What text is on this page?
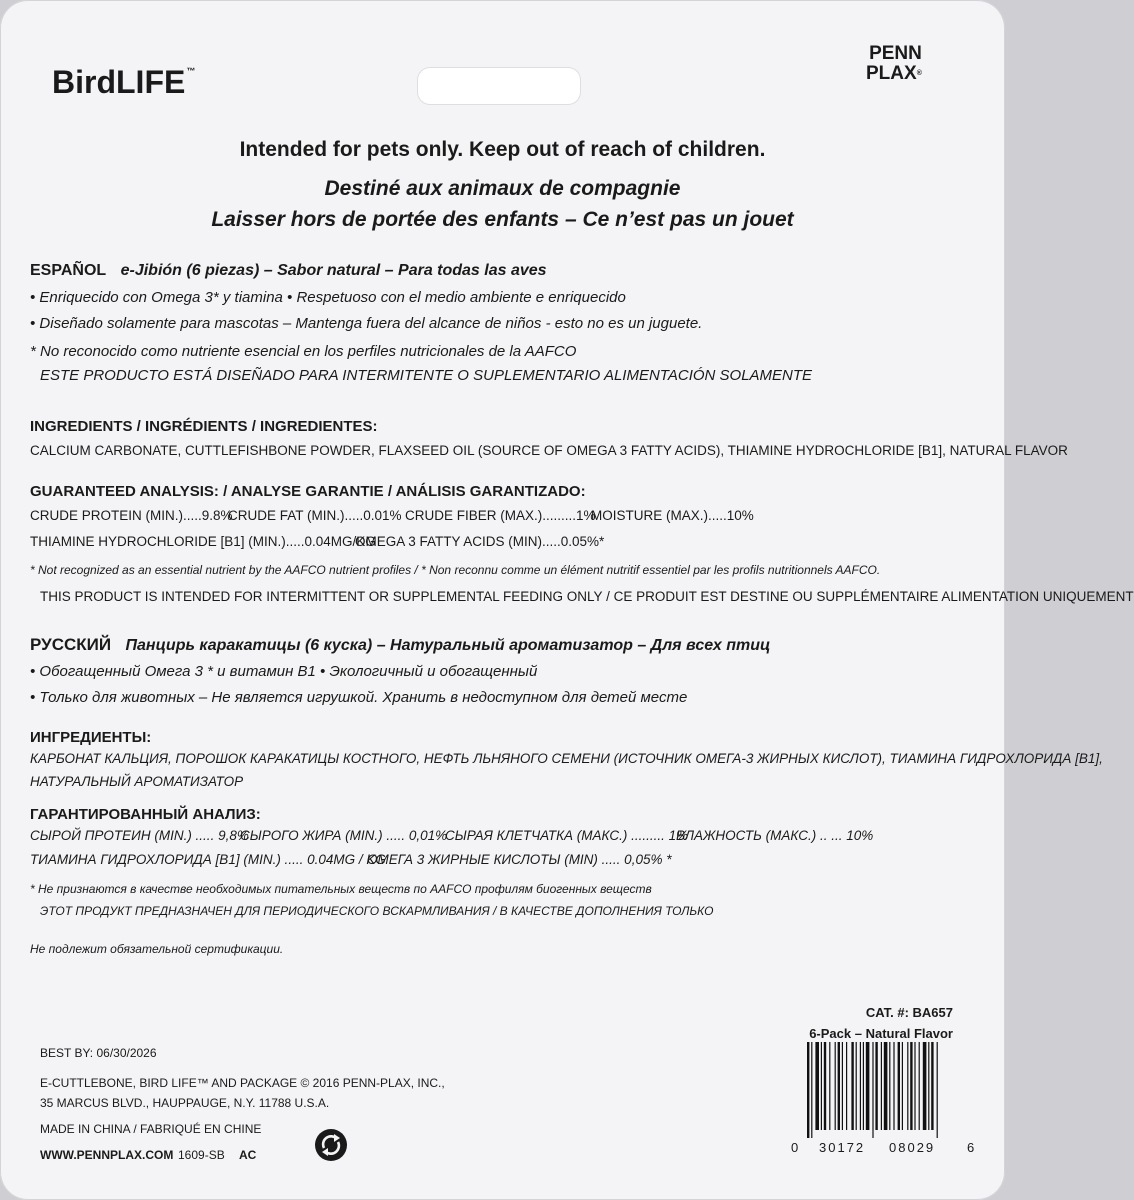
BirdLIFE™
PENN
PLAX®
Intended for pets only. Keep out of reach of children.
Destiné aux animaux de compagnie
Laisser hors de portée des enfants – Ce n’est pas un jouet
ESPAÑOL e-Jibión (6 piezas) – Sabor natural – Para todas las aves
• Enriquecido con Omega 3* y tiamina • Respetuoso con el medio ambiente e enriquecido
• Diseñado solamente para mascotas – Mantenga fuera del alcance de niños - esto no es un juguete.
* No reconocido como nutriente esencial en los perfiles nutricionales de la AAFCO
ESTE PRODUCTO ESTÁ DISEÑADO PARA INTERMITENTE O SUPLEMENTARIO ALIMENTACIÓN SOLAMENTE
INGREDIENTS / INGRÉDIENTS / INGREDIENTES:
CALCIUM CARBONATE, CUTTLEFISHBONE POWDER, FLAXSEED OIL (SOURCE OF OMEGA 3 FATTY ACIDS), THIAMINE HYDROCHLORIDE [B1], NATURAL FLAVOR
GUARANTEED ANALYSIS: / ANALYSE GARANTIE / ANÁLISIS GARANTIZADO:
CRUDE PROTEIN (MIN.).....9.8%
CRUDE FAT (MIN.).....0.01% CRUDE FIBER (MAX.).........1%
MOISTURE (MAX.).....10%
THIAMINE HYDROCHLORIDE [B1] (MIN.).....0.04MG/KG
OMEGA 3 FATTY ACIDS (MIN).....0.05%*
* Not recognized as an essential nutrient by the AAFCO nutrient profiles / * Non reconnu comme un élément nutritif essentiel par les profils nutritionnels AAFCO.
THIS PRODUCT IS INTENDED FOR INTERMITTENT OR SUPPLEMENTAL FEEDING ONLY / CE PRODUIT EST DESTINE OU SUPPLÉMENTAIRE ALIMENTATION UNIQUEMENT
РУССКИЙ Панцирь каракатицы (6 куска) – Натуральный ароматизатор – Для всех птиц
• Обогащенный Омега 3 * и витамин B1 • Экологичный и обогащенный
• Только для животных – Не является игрушкой. Хранить в недоступном для детей месте
ИНГРЕДИЕНТЫ:
КАРБОНАТ КАЛЬЦИЯ, ПОРОШОК КАРАКАТИЦЫ КОСТНОГО, НЕФТЬ ЛЬНЯНОГО СЕМЕНИ (ИСТОЧНИК ОМЕГА-3 ЖИРНЫХ КИСЛОТ), ТИАМИНА ГИДРОХЛОРИДА [B1],
НАТУРАЛЬНЫЙ АРОМАТИЗАТОР
ГАРАНТИРОВАННЫЙ АНАЛИЗ:
СЫРОЙ ПРОТЕИН (MIN.) ..... 9,8%
СЫРОГО ЖИРА (MIN.) ..... 0,01%
СЫРАЯ КЛЕТЧАТКА (МАКС.) ......... 1%
ВЛАЖНОСТЬ (МАКС.) .. ... 10%
ТИАМИНА ГИДРОХЛОРИДА [B1] (MIN.) ..... 0.04MG / KG
ОМЕГА 3 ЖИРНЫЕ КИСЛОТЫ (MIN) ..... 0,05% *
* Не признаются в качестве необходимых питательных веществ по AAFCO профилям биогенных веществ
ЭТОТ ПРОДУКТ ПРЕДНАЗНАЧЕН ДЛЯ ПЕРИОДИЧЕСКОГО ВСКАРМЛИВАНИЯ / В КАЧЕСТВЕ ДОПОЛНЕНИЯ ТОЛЬКО
Не подлежит обязательной сертификации.
BEST BY: 06/30/2026
E-CUTTLEBONE, BIRD LIFE™ AND PACKAGE © 2016 PENN-PLAX, INC.,
35 MARCUS BLVD., HAUPPAUGE, N.Y. 11788 U.S.A.
MADE IN CHINA / FABRIQUÉ EN CHINE
WWW.PENNPLAX.COM 1609-SB AC
CAT. #: BA657
6-Pack – Natural Flavor
0 30172 08029 6
